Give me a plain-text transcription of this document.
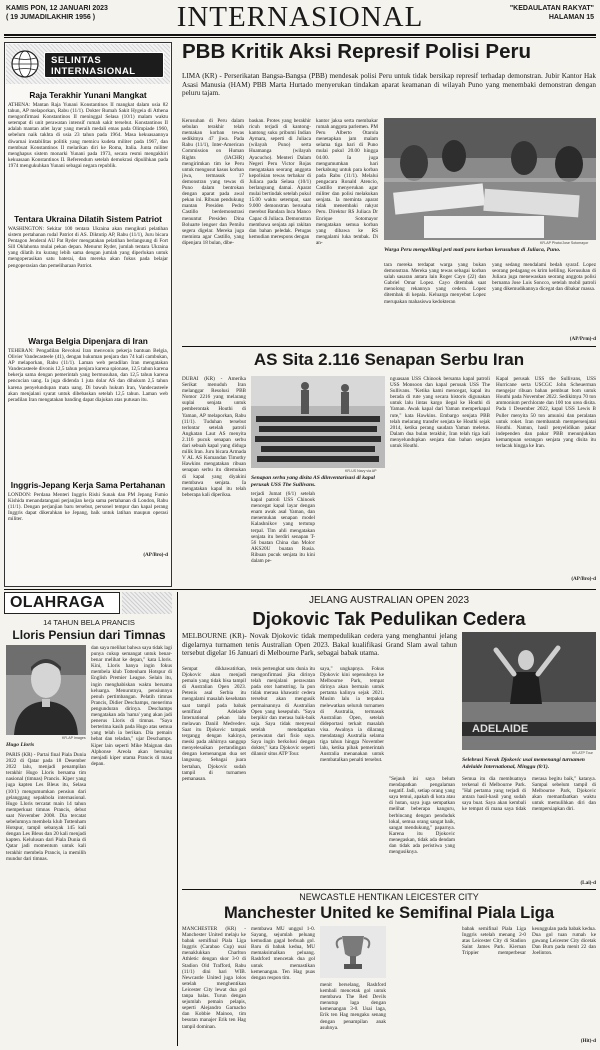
KAMIS PON, 12 JANUARI 2023
( 19 JUMADILAKHIR 1956 )	INTERNASIONAL	"KEDAULATAN RAKYAT"
HALAMAN 15
SELINTAS
INTERNASIONAL
Raja Terakhir Yunani Mangkat
ATHENA: Mantan Raja Yunani Konstantinos II mangkat dalam usia 82 tahun, AP melaporkan, Rabu (11/1). Dokter Rumah Sakit Hygeia di Athena mengonfirmasi Konstantinos II meninggal Selasa (10/1) malam waktu setempat di unit perawatan intensif rumah sakit tersebut. Konstantinos II adalah mantan atlet layar yang meraih medali emas pada Olimpiade 1960, sebelum naik takhta di usia 23 tahun pada 1964. Masa kekuasaannya diwarnai instabilitas politik yang memicu kudeta militer pada 1967, dan membuat Konstantinos II melarikan diri ke Roma, Italia. Junta militer menghapus sistem monarki Yunani pada 1973, secara resmi mengakhiri kekuasaan Konstantinos II. Referendum setelah demokrasi dipulihkan pada 1974 mengukuhkan Yunani sebagai negara republik.
Tentara Ukraina Dilatih Sistem Patriot
WASHINGTON: Sekitar 100 tentara Ukraina akan mengikuti pelatihan sistem pertahanan rudal Patriot di AS. Diktutip AP, Rabu (11/1), Juru bicara Pentagon Jenderal AU Pat Ryder mengatakan pelatihan berlangsung di Fort Sill Oklahoma mulai pekan depan. Menurut Ryder, jumlah tentara Ukraina yang dilatih itu kurang lebih sama dengan jumlah yang diperlukan untuk mengoperasikan satu baterai, dan mereka akan fokus pada belajar pengoperasian dan pemeliharaan Patriot.
Warga Belgia Dipenjara di Iran
TEHERAN: Pengadilan Revolusi Iran menvonis pekerja bantuan Belgia, Olivier Vandecasteele (41), dengan hukuman penjara dan 74 kali cambukan, AP melaporkan, Rabu (11/1). Laman web peradilan Iran mengatakan Vandecasteele divonis 12,5 tahun penjara karena spionase, 12,5 tahun karena bekerja sama dengan pemerintah yang bermusuhan, dan 12,5 tahun karena pencucian uang. Ia juga didenda 1 juta dolar AS dan dihukum 2,5 tahun karena penyelundupan mata uang. Di bawah hukum Iran, Vandecasteele akan menjalani syarat untuk dibebaskan setelah 12,5 tahun. Laman web peradilan Iran mengatakan banding dapat diajukan atas putusan itu.
Inggris-Jepang Kerja Sama Pertahanan
LONDON: Perdana Menteri Inggris Rishi Sunak dan PM Jepang Fumio Kishida menandatangani perjanjian kerja sama pertahanan di London, Rabu (11/1). Dengan perjanjian baru tersebut, personel tempur dan kapal perang Inggris dapat dikerahkan ke Jepang, baik untuk latihan maupun operasi militer.
(AP/Bro)-d
PBB Kritik Aksi Represif Polisi Peru
LIMA (KR) - Perserikatan Bangsa-Bangsa (PBB) mendesak polisi Peru untuk tidak bersikap represif terhadap demonstran. Jubir Kantor Hak Asasi Manusia (HAM) PBB Marta Hurtado menyerukan tindakan aparat keamanan di wilayah Puno yang menembaki demonstran dengan peluru tajam.
Kerusuhan di Peru dalam sebulan terakhir telah memakan korban tewas sedikitnya 47 jiwa. Pada Rabu (11/1), Inter-American Commission on Human Rights (IACHR) mengirimkan tim ke Peru untuk mengusut kasus korban jiwa, termasuk 17 demonstran yang tewas di Puno dalam bentrokan dengan aparat pada awal pekan ini. Ribuan pendukung mantan Presiden Pedro Castillo berdemonstrasi menuntut Presiden Dina Boluarte lengser dan Pemilu segera digelar. Mereka juga meminta agar Castillo, yang dipenjara 18 bulan, dibe-
baskan. Protes yang berakhir ricuh terjadi di kantong-kantong suku pribumi Indian Aymara, seperti di Juliaca (wilayah Puno) serta Huamanga (wilayah Ayacucho). Menteri Dalam Negeri Peru Victor Rojas mengatakan seorang anggota kepolisian tewas terbakar di Juliaca pada Selasa (10/1) berlangsung damai. Aparat mulai bertindak setelah pukul 15.00 waktu setempat, saat 9.000 demonstran berusaha merebut Bandara Inca Manco Capac di Juliaca. Demonstran membawa senjata api rakitan dan bahan peledak. Petugas kemudian merespons dengan
kantor jaksa serta membakar rumah anggota parlemen. PM Peru Alberto Otarola menetapkan jam malam selama tiga hari di Puno mulai pukul 20.00 hingga 04.00. Ia juga mengumumkan hari berkabung untuk para korban pada Rabu (11/1). Melalui pengacara Ronald Atencio, Castillo menyerukan agar militer dan polisi melakukan senjata. Ia meminta aparat tidak menembaki rakyat Peru. Direktur RS Juliaca Dr Enrique Sotomayor mengatakan semua korban yang dibawa ke RS mengalami luka tembak. Di an-	KR-AP Photo/Jose Sotomayor
Warga Peru mengelilingi peti mati para korban kerusuhan di Juliaca, Puno.
tara mereka terdapat warga yang bukan demonstran. Mereka yang tewas sebagai korban salah sasaran antara lain Roger Cayo (22) dan Gabriel Omar Lopez. Cayo ditembak saat menolong rekannya yang cedera. Lopez ditembak di kepala. Keluarga menyebut Lopez merupakan mahasiswa kedokteran
yang sedang mendalami bedah syaraf. Lopez seorang pedagang es krim keliling. Kerusuhan di Juliaca juga menewaskan seorang anggota polisi bernama Jose Luis Soncco, setelah mobil patroli yang dikemudikannya dicegat dan dibakar massa.
(AP/Prm)-d
AS Sita 2.116 Senapan Serbu Iran
DUBAI (KR) - Amerika Serikat menuduh Iran melanggar Resolusi PBB Nomor 2216 yang melarang suplai senjata untuk pemberontak Houthi di Yaman, AP melaporkan, Rabu (11/1). Tuduhan tersebut terlontar setelah patroli Angkatan Laut AS menyita 2.116 pucuk senapan serbu dari sebuah kapal yang diduga milik Iran. Juru bicara Armada V AL AS Komandan Timothy Hawkins mengatakan ribuan senapan serbu itu ditemukan di kapal yang diyakini membawa senjata. Ia mengatakan kapal itu telah beberapa kali diperiksa.
KR-US Navy via AP
Senapan serbu yang disita AS diinventarisasi di kapal perusak USS The Sullivans.
terjadi Jumat (6/1) setelah kapal patroli USS Chinook mencegat kapal layar dengan enam awak asal Yaman, dan menemukan senapan model Kalashnikov yang tertutup terpal. Tim ahli mengatakan senjata itu berdiri senapan T-56 buatan China dan Moloт AKS20U buatan Rusia. Ribuan pucuk senjata itu kini dalam pe-
nguasaan USS Chinook bersama kapal patroli USS Monsoon dan kapal perusak USS The Sullivans. "Ketika kami mencegat, kapal itu berada di rute yang secara historis digunakan untuk lalu lintas kargo ilegal ke Houthi di Yaman. Awak kapal dari Yaman memperkapal rute," kata Hawkins. Embargo senjata PBB telah melarang transfer senjata ke Houthi sejak 2014, ketika perang saudara Yaman meletus. Dalam dua bulan terakhir, Iran telah tiga kali menyelundupkan senjata dan bahan senjata untuk Houthi.
Kapal perusak USS the Sullivans, USS Hurricane serta USCGC John Scheuerman mengejar ribuan bahan pembuat bom untuk Houthi pada November 2022. Sedikitnya 70 ton ammonium perchlorate dan 100 ton urea disita. Pada 1 Desember 2022, kapal USS Lewis B Puller menyita 50 ton amunisi dan peralatan untuk roket. Iran membantah mempersenjatai Houthi. Namun, hasil penyelidikan pakar independen dan pakar PBB menunjukkan kemampuan serangan senjata yang disita itu terlacak hingga ke Iran.
(AP/Bro)-d
OLAHRAGA
14 TAHUN BELA PRANCIS
Lloris Pensiun dari Timnas
KR-AP Images
Hugo Lloris
PARIS (KR) - Partai final Piala Dunia 2022 di Qatar pada 18 Desember 2022 lalu, menjadi penampilan terakhir Hugo Lloris bersama tim nasional (timnas) Prancis. Kiper yang juga kapten Les Bleus itu, Selasa (10/1) mengumumkan pensiun dari gelanggang sepakbola internasional. Hugo Lloris tercatat main 14 tahun memperkuat timnas Prancis, debut saat November 2008. Dia tercatat sebelumnya membela klub Tottenham Hotspur, tampil sebanyak 145 kali dengan Les Bleus dan 20 kali menjadi kapten. Kelulusan dari Piala Dunia di Qatar jadi momentum untuk kali terakhir membela Prancis, ia memilih mundur dari timnas.
dan saya melihat bahwa saya tidak lagi punya cukup semangat untuk benar-benar melihat ke depan," kata Lloris. Kini, Lloris hanya ingin fokus membela klub Tottenham Hotspur di English Premier League. Selain itu, ingin menghabiskan waktu bersama keluarga. Menurutnya, pensiunnya penuh pertimbangan. Pelatih timnas Prancis, Didier Deschamps, menerima pengunduran dirinya. Deschamps mengatakan ada 'nama' yang akan jadi penerus Lloris di timnas. "Saya berterima kasih pada Hugo atas semua yang telah ia berikan. Dia pemain hebat dan teladan," ujar Deschamps. Kiper lain seperti Mike Maignan dan Alphonse Areola akan bersaing menjadi kiper utama Prancis di masa depan.
JELANG AUSTRALIAN OPEN 2023
Djokovic Tak Pedulikan Cedera
MELBOURNE (KR)- Novak Djokovic tidak mempedulikan cedera yang menghantui jelang digelarnya turnamen tenis Australian Open 2023. Bakal kualifikasi Grand Slam awal tahun tersebut digelar 16 Januari di Melbourne Park, sebagai babak utama.
Sempat dikhawatirkan, Djokovic akan menjadi pemain yang tidak bisa tampil di Australian Open 2023. Petenis asal Serbia itu mengalami masalah kesehatan saat tampil pada babak semifinal Adelaide International pekan lalu melawan Daniil Medvedev. Saat itu Djokovic tampak tergangg dengan kakinya, meski pada akhirnya sanggup menyelesaikan pertandingan dengan kemenangan dua set langsung. Sebagai juara bertahan, Djokovic sudah tampil di turnamen pemanasan.
tenis pertengkat satu dunia itu mengonfirmasi jika dirinya telah menjalani perawatan pada otot hamstring. Ia pun tidak merasa khawatir cedera tersebut akan mengusik permainannya di Australian Open yang kesepuluh. "Saya berpikir dan merasa baik-baik saja. Saya tidak menyesal setelah mendapatkan perawatan dari fisio saya. Saya ingin berkolusi dengan dokter," kata Djokovic seperti dilansir situs ATP Tour.
saya," ungkapnya. Fokus Djokovic kini sepenuhnya ke Melbourne Park, tempat dirinya akan bermain untuk pertama kalinya sejak 2021. Musim lalu ia terpaksa melewatkan seluruh turnamen di Australia, termasuk Australian Open, setelah dideportasi terkait masalah visa. Awalnya ia dilarang mendatangi Australia selama tiga tahun hingga November lalu, ketika pihak pemerintah Australia menanakan untuk membatalkan penalti tersebut.
ADELAIDE
KR-ATP Tour
Selebrasi Novak Djokovic usai memenangi turnamen Adelaide International, Minggu (8/1).
"Sejauh ini saya belum mendapatkan pengalaman negatif. Jadi, setiap orang yang saya temui, apakah di kota atau di hutan, saya juga sempatkan melihat beberapa kanguru, berbincang dengan penduduk lokal, semua orang sangat baik, sangat mendukung," paparnya. Karena itu Djokovic menegaskan, tidak ada dendam dan tidak ada peristiwa yang mengusiknya.
Semua itu dia membuatnya terkenal di Melbourne Park. "Hal pertama yang terjadi di antara hasil-hasil yang sudah saya buat. Saya akan kembali ke tempat di mana saya tidak merasa begitu baik," katanya. Sampai sebelum tampil di Melbourne Park, Djokovic akan memanfaatkan waktu untuk memulihkan diri dan mempersiapkan diri.
(Lai)-d
NEWCASTLE HENTIKAN LEICESTER CITY
Manchester United ke Semifinal Piala Liga
MANCHESTER (KR) - Manchester United melaju ke babak semifinal Piala Liga Inggris (Carabao Cup) usai menaklukkan Charlton Athletic dengan skor 3-0 di Stadion Old Trafford, Rabu (11/1) dini hari WIB. Newcastle United juga lolos setelah menghentikan Leicester City lewat dua gol tanpa balas. Turun dengan sejumlah pemain pelapis, seperti Alejandro Garnacho dan Kobbie Mainoo, tim besutan manajer Erik ten Hag tampil dominan.
membawa MU unggul 1-0. Sayang, sejumlah peluang kemudian gagal berbuah gol. Baru di babak kedua, MU memaksimalkan peluang. Rashford mencetak dua gol untuk memastikan kemenangan. Ten Hag puas dengan respon tim.
menit berselang, Rashford kembali mencetak gol untuk membawa The Red Devils menutup laga dengan kemenangan 3-0. Usai laga, Erik ten Hag mengaku senang dengan penampilan anak asuhnya.
babak semifinal Piala Liga Inggris setelah menang 2-0 atas Leicester City di Stadion Saint James Park. Kiernan Trippier memperbesar keunggulan pada babak kedua. Dua gol tuan rumah ke gawang Leicester City dicetak Dan Burn pada menit 22 dan Joelinton.
(Hit)-d
